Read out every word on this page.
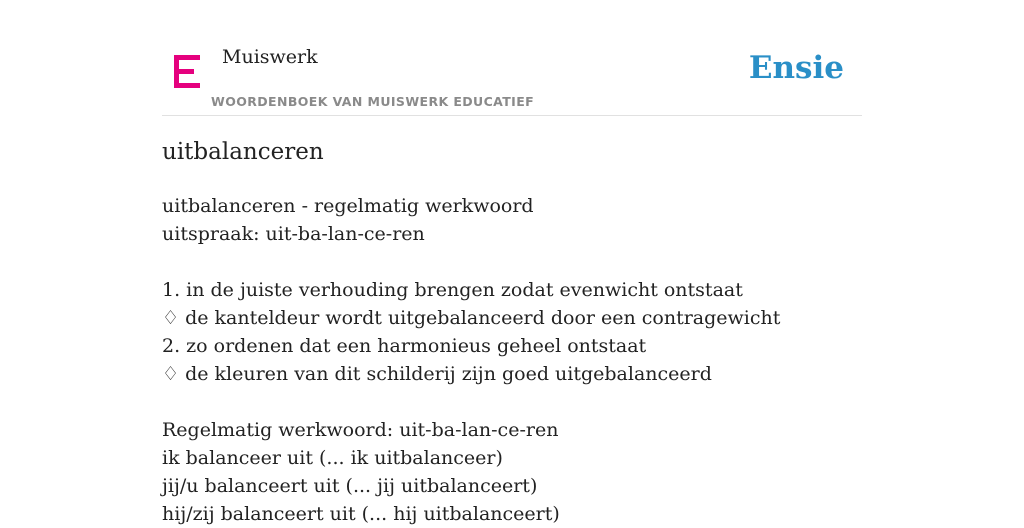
Muiswerk
WOORDENBOEK VAN MUISWERK EDUCATIEF
Ensie
uitbalanceren
uitbalanceren - regelmatig werkwoord
uitspraak: uit-ba-lan-ce-ren
1. in de juiste verhouding brengen zodat evenwicht ontstaat
♢ de kanteldeur wordt uitgebalanceerd door een contragewicht
2. zo ordenen dat een harmonieus geheel ontstaat
♢ de kleuren van dit schilderij zijn goed uitgebalanceerd
Regelmatig werkwoord: uit-ba-lan-ce-ren
ik balanceer uit (... ik uitbalanceer)
jij/u balanceert uit (... jij uitbalanceert)
hij/zij balanceert uit (... hij uitbalanceert)
